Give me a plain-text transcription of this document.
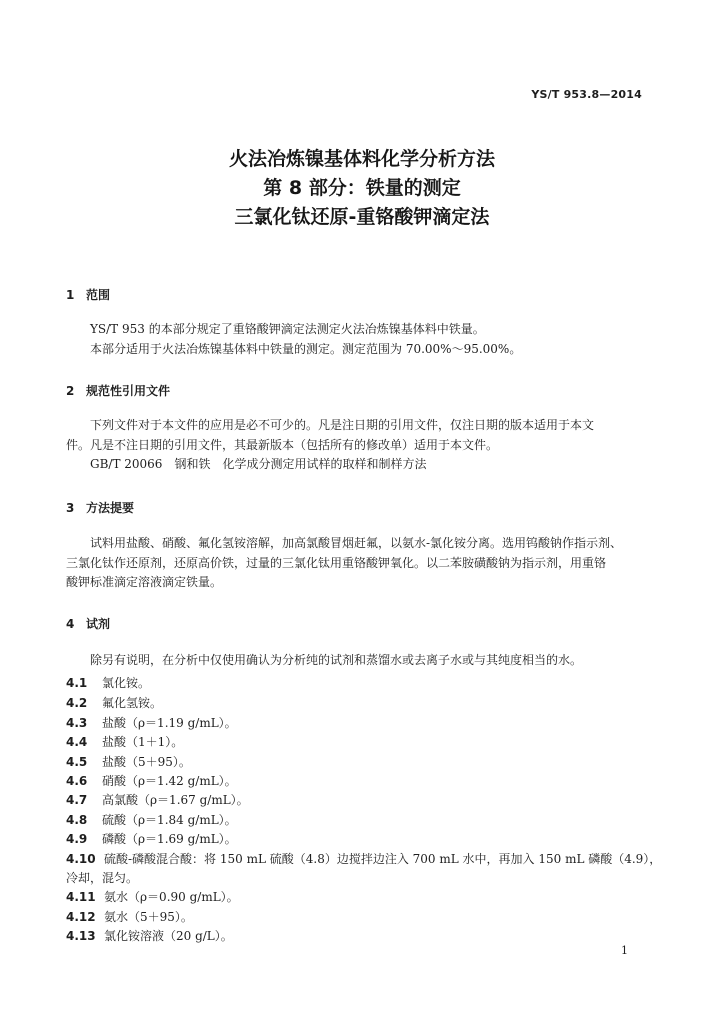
YS/T 953.8—2014
火法冶炼镍基体料化学分析方法
第 8 部分：铁量的测定
三氯化钛还原-重铬酸钾滴定法
1 范围
YS/T 953 的本部分规定了重铬酸钾滴定法测定火法冶炼镍基体料中铁量。
本部分适用于火法冶炼镍基体料中铁量的测定。测定范围为 70.00%～95.00%。
2 规范性引用文件
下列文件对于本文件的应用是必不可少的。凡是注日期的引用文件，仅注日期的版本适用于本文
件。凡是不注日期的引用文件，其最新版本（包括所有的修改单）适用于本文件。
GB/T 20066　 钢和铁　化学成分测定用试样的取样和制样方法
3 方法提要
试料用盐酸、硝酸、氟化氢铵溶解，加高氯酸冒烟赶氟，以氨水-氯化铵分离。选用钨酸钠作指示剂、
三氯化钛作还原剂，还原高价铁，过量的三氯化钛用重铬酸钾氧化。以二苯胺磺酸钠为指示剂，用重铬
酸钾标准滴定溶液滴定铁量。
4 试剂
除另有说明，在分析中仅使用确认为分析纯的试剂和蒸馏水或去离子水或与其纯度相当的水。
4.1 氯化铵。
4.2 氟化氢铵。
4.3 盐酸（ρ＝1.19 g/mL）。
4.4 盐酸（1＋1）。
4.5 盐酸（5＋95）。
4.6 硝酸（ρ＝1.42 g/mL）。
4.7 高氯酸（ρ＝1.67 g/mL）。
4.8 硫酸（ρ＝1.84 g/mL）。
4.9 磷酸（ρ＝1.69 g/mL）。
4.10 硫酸-磷酸混合酸：将 150 mL 硫酸（4.8）边搅拌边注入 700 mL 水中，再加入 150 mL 磷酸（4.9），
冷却，混匀。
4.11 氨水（ρ＝0.90 g/mL）。
4.12 氨水（5＋95）。
4.13 氯化铵溶液（20 g/L）。
1
